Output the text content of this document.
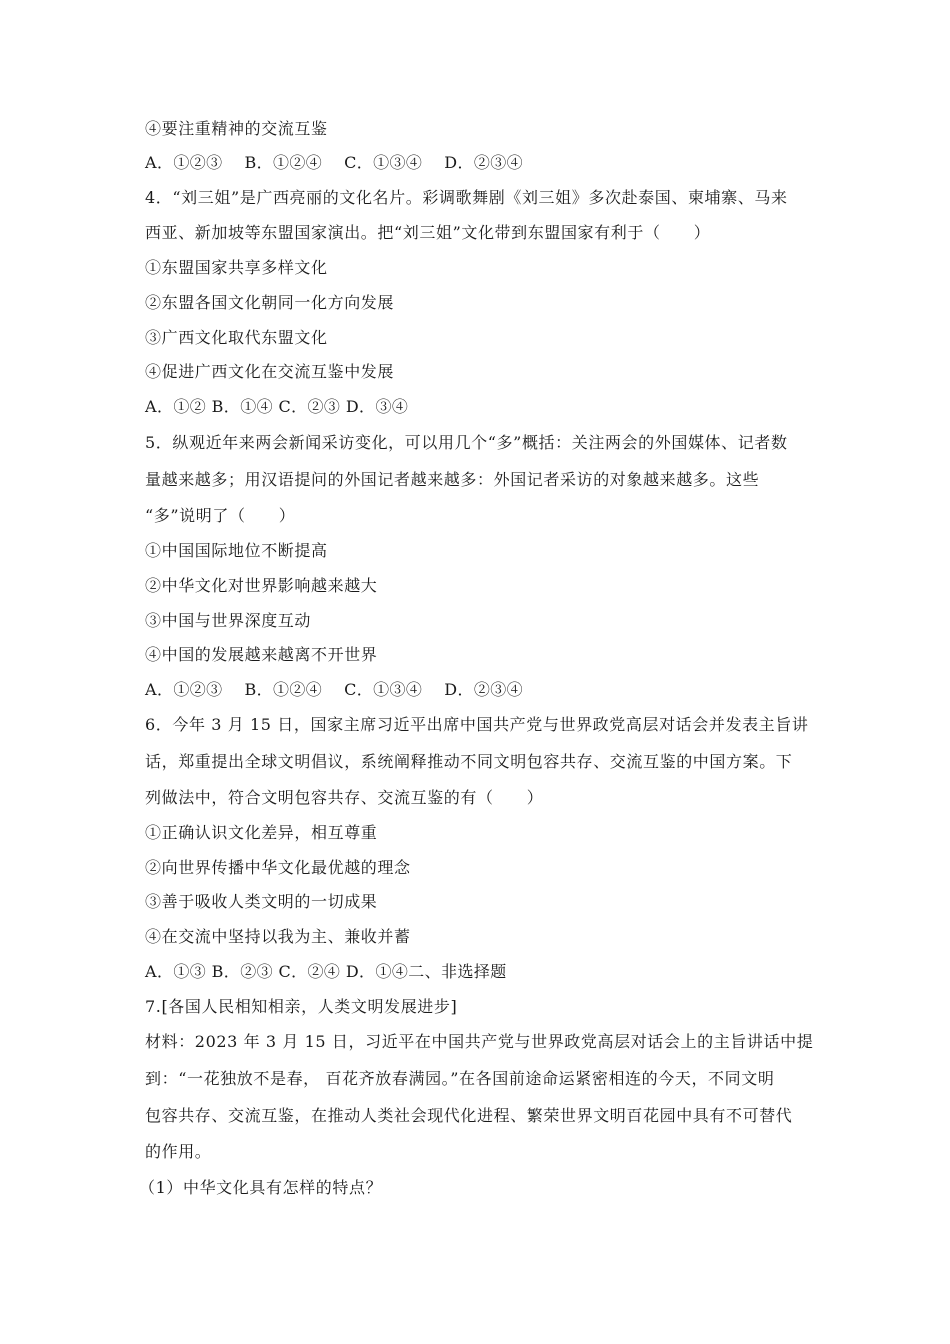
④要注重精神的交流互鉴
A．①②③　 B．①②④　 C．①③④　 D．②③④
4．“刘三姐”是广西亮丽的文化名片。彩调歌舞剧《刘三姐》多次赴泰国、柬埔寨、马来
西亚、新加坡等东盟国家演出。把“刘三姐”文化带到东盟国家有利于（　　）
①东盟国家共享多样文化
②东盟各国文化朝同一化方向发展
③广西文化取代东盟文化
④促进广西文化在交流互鉴中发展
A．①② B．①④ C．②③ D．③④
5．纵观近年来两会新闻采访变化，可以用几个“多”概括：关注两会的外国媒体、记者数
量越来越多；用汉语提问的外国记者越来越多：外国记者采访的对象越来越多。这些
“多”说明了（　　）
①中国国际地位不断提高
②中华文化对世界影响越来越大
③中国与世界深度互动
④中国的发展越来越离不开世界
A．①②③　 B．①②④　 C．①③④　 D．②③④
6．今年 3 月 15 日，国家主席习近平出席中国共产党与世界政党高层对话会并发表主旨讲
话，郑重提出全球文明倡议，系统阐释推动不同文明包容共存、交流互鉴的中国方案。下
列做法中，符合文明包容共存、交流互鉴的有（　　）
①正确认识文化差异，相互尊重
②向世界传播中华文化最优越的理念
③善于吸收人类文明的一切成果
④在交流中坚持以我为主、兼收并蓄
A．①③ B．②③ C．②④ D．①④二、非选择题
7.[各国人民相知相亲，人类文明发展进步]
材料：2023 年 3 月 15 日，习近平在中国共产党与世界政党高层对话会上的主旨讲话中提
到：“一花独放不是春， 百花齐放春满园。”在各国前途命运紧密相连的今天，不同文明
包容共存、交流互鉴，在推动人类社会现代化进程、繁荣世界文明百花园中具有不可替代
的作用。
（1）中华文化具有怎样的特点？
